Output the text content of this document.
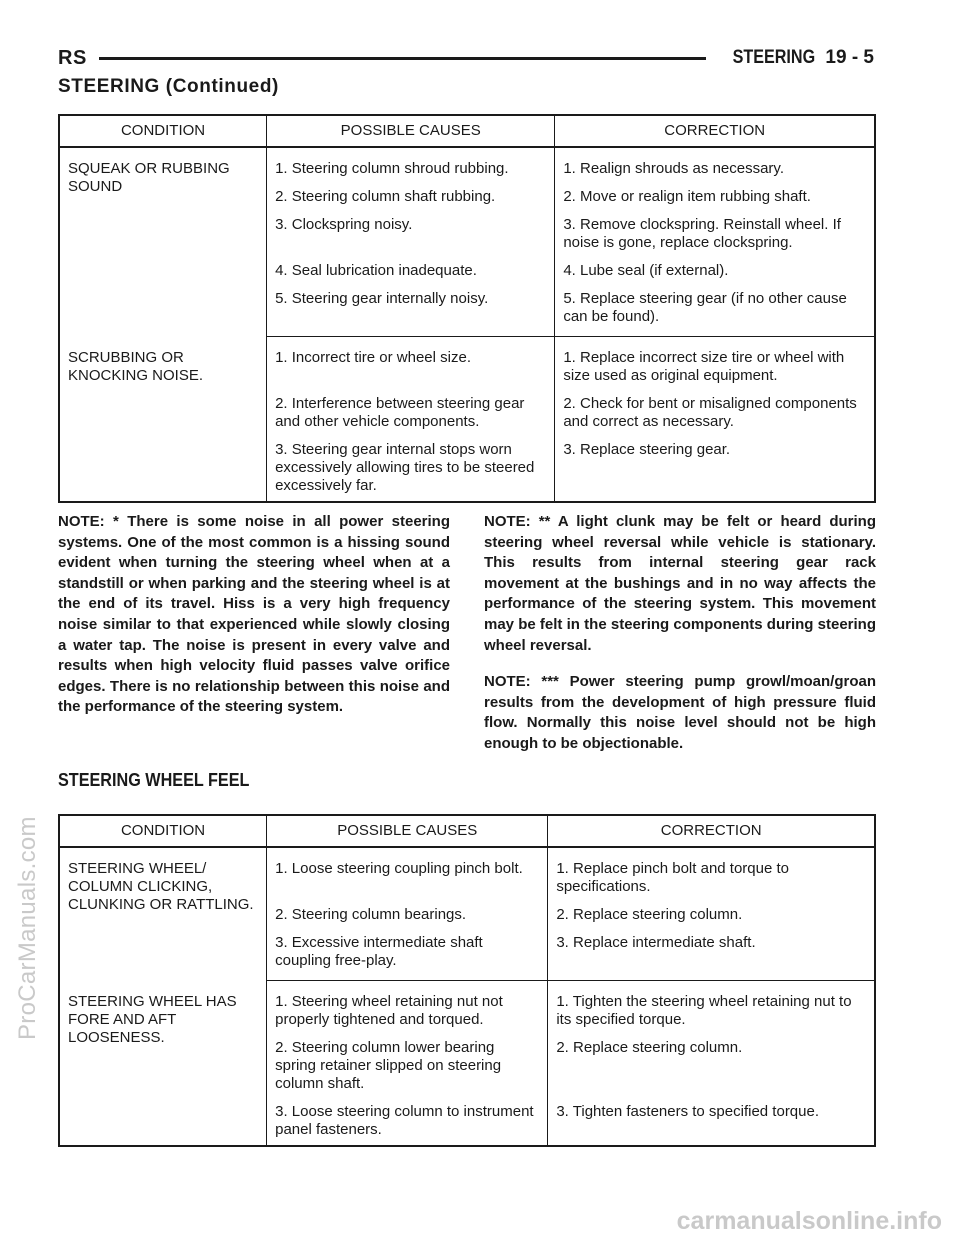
ProCarManuals.com
carmanualsonline.info
RS	STEERING 19 - 5
STEERING (Continued)
CONDITION	POSSIBLE CAUSES	CORRECTION
SQUEAK OR RUBBING SOUND	1. Steering column shroud rubbing.	1. Realign shrouds as necessary.
	2. Steering column shaft rubbing.	2. Move or realign item rubbing shaft.
	3. Clockspring noisy.	3. Remove clockspring. Reinstall wheel. If noise is gone, replace clockspring.
	4. Seal lubrication inadequate.	4. Lube seal (if external).
	5. Steering gear internally noisy.	5. Replace steering gear (if no other cause can be found).
SCRUBBING OR KNOCKING NOISE.	1. Incorrect tire or wheel size.	1. Replace incorrect size tire or wheel with size used as original equipment.
	2. Interference between steering gear and other vehicle components.	2. Check for bent or misaligned components and correct as necessary.
	3. Steering gear internal stops worn excessively allowing tires to be steered excessively far.	3. Replace steering gear.

NOTE: * There is some noise in all power steering systems. One of the most common is a hissing sound evident when turning the steering wheel when at a standstill or when parking and the steering wheel is at the end of its travel. Hiss is a very high frequency noise similar to that experienced while slowly closing a water tap. The noise is present in every valve and results when high velocity fluid passes valve orifice edges. There is no relationship between this noise and the performance of the steering system.

NOTE: ** A light clunk may be felt or heard during steering wheel reversal while vehicle is stationary. This results from internal steering gear rack movement at the bushings and in no way affects the performance of the steering system. This movement may be felt in the steering components during steering wheel reversal.

NOTE: *** Power steering pump growl/moan/groan results from the development of high pressure fluid flow. Normally this noise level should not be high enough to be objectionable.

STEERING WHEEL FEEL
CONDITION	POSSIBLE CAUSES	CORRECTION
STEERING WHEEL/ COLUMN CLICKING, CLUNKING OR RATTLING.	1. Loose steering coupling pinch bolt.	1. Replace pinch bolt and torque to specifications.
	2. Steering column bearings.	2. Replace steering column.
	3. Excessive intermediate shaft coupling free-play.	3. Replace intermediate shaft.
STEERING WHEEL HAS FORE AND AFT LOOSENESS.	1. Steering wheel retaining nut not properly tightened and torqued.	1. Tighten the steering wheel retaining nut to its specified torque.
	2. Steering column lower bearing spring retainer slipped on steering column shaft.	2. Replace steering column.
	3. Loose steering column to instrument panel fasteners.	3. Tighten fasteners to specified torque.
